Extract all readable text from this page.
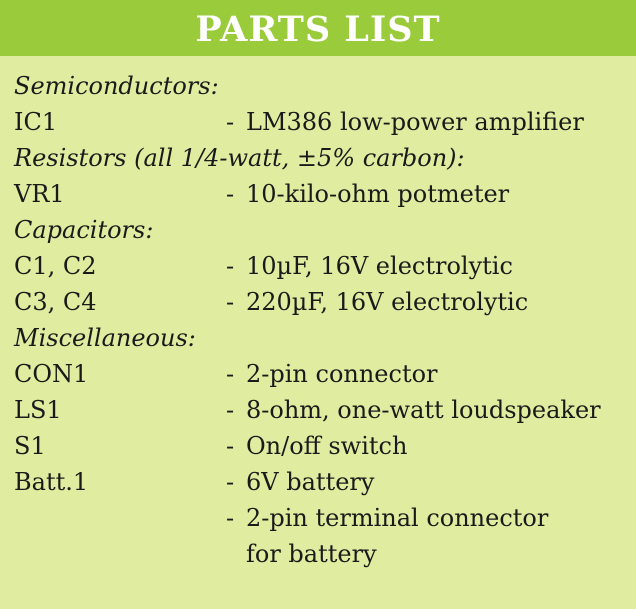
PARTS LIST
Semiconductors:
IC1	- LM386 low-power amplifier
Resistors (all 1/4-watt, ±5% carbon):
VR1	- 10-kilo-ohm potmeter
Capacitors:
C1, C2	- 10µF, 16V electrolytic
C3, C4	- 220µF, 16V electrolytic
Miscellaneous:
CON1	- 2-pin connector
LS1	- 8-ohm, one-watt loudspeaker
S1	- On/off switch
Batt.1	- 6V battery
- 2-pin terminal connector
for battery
